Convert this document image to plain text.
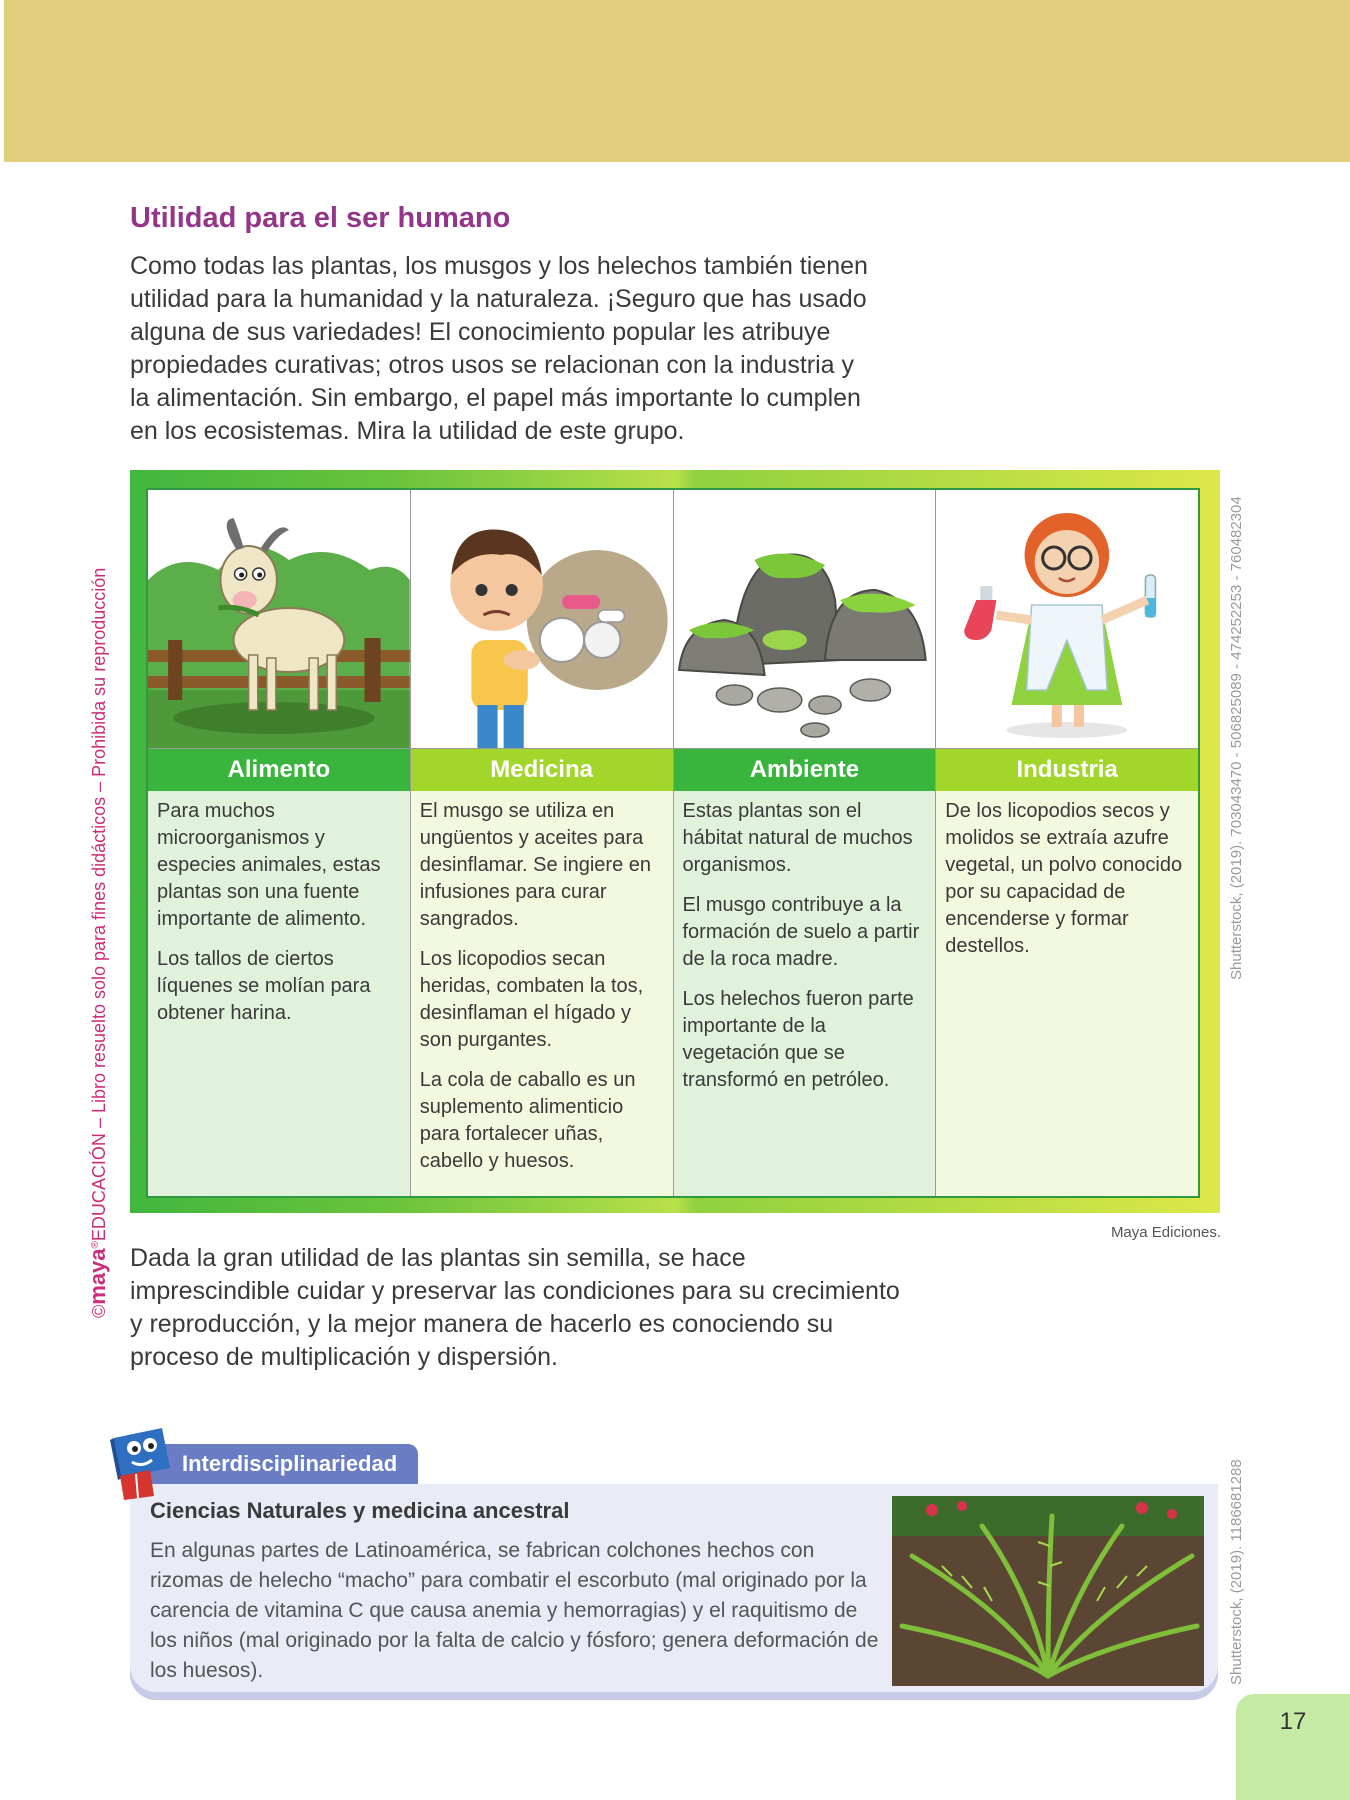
©maya®EDUCACIÓN – Libro resuelto solo para fines didácticos – Prohibida su reproducción	Shutterstock, (2019). 703043470 - 506825089 - 474252253 - 760482304
Shutterstock, (2019). 1186681288
Utilidad para el ser humano

Como todas las plantas, los musgos y los helechos también tienen utilidad para la humanidad y la naturaleza. ¡Seguro que has usado alguna de sus variedades! El conocimiento popular les atribuye propiedades curativas; otros usos se relacionan con la industria y la alimentación. Sin embargo, el papel más importante lo cumplen en los ecosistemas. Mira la utilidad de este grupo.

Alimento

Para muchos microorganismos y especies animales, estas plantas son una fuente importante de alimento.

Los tallos de ciertos líquenes se molían para obtener harina.

Medicina

El musgo se utiliza en ungüentos y aceites para desinflamar. Se ingiere en infusiones para curar sangrados.

Los licopodios secan heridas, combaten la tos, desinflaman el hígado y son purgantes.

La cola de caballo es un suplemento alimenticio para fortalecer uñas, cabello y huesos.

Ambiente

Estas plantas son el hábitat natural de muchos organismos.

El musgo contribuye a la formación de suelo a partir de la roca madre.

Los helechos fueron parte importante de la vegetación que se transformó en petróleo.

Industria

De los licopodios secos y molidos se extraía azufre vegetal, un polvo conocido por su capacidad de encenderse y formar destellos.

Maya Ediciones.

Dada la gran utilidad de las plantas sin semilla, se hace imprescindible cuidar y preservar las condiciones para su crecimiento y reproducción, y la mejor manera de hacerlo es conociendo su proceso de multiplicación y dispersión.

Interdisciplinariedad
Ciencias Naturales y medicina ancestral

En algunas partes de Latinoamérica, se fabrican colchones hechos con rizomas de helecho “macho” para combatir el escorbuto (mal originado por la carencia de vitamina C que causa anemia y hemorragias) y el raquitismo de los niños (mal originado por la falta de calcio y fósforo; genera deformación de los huesos).

17
